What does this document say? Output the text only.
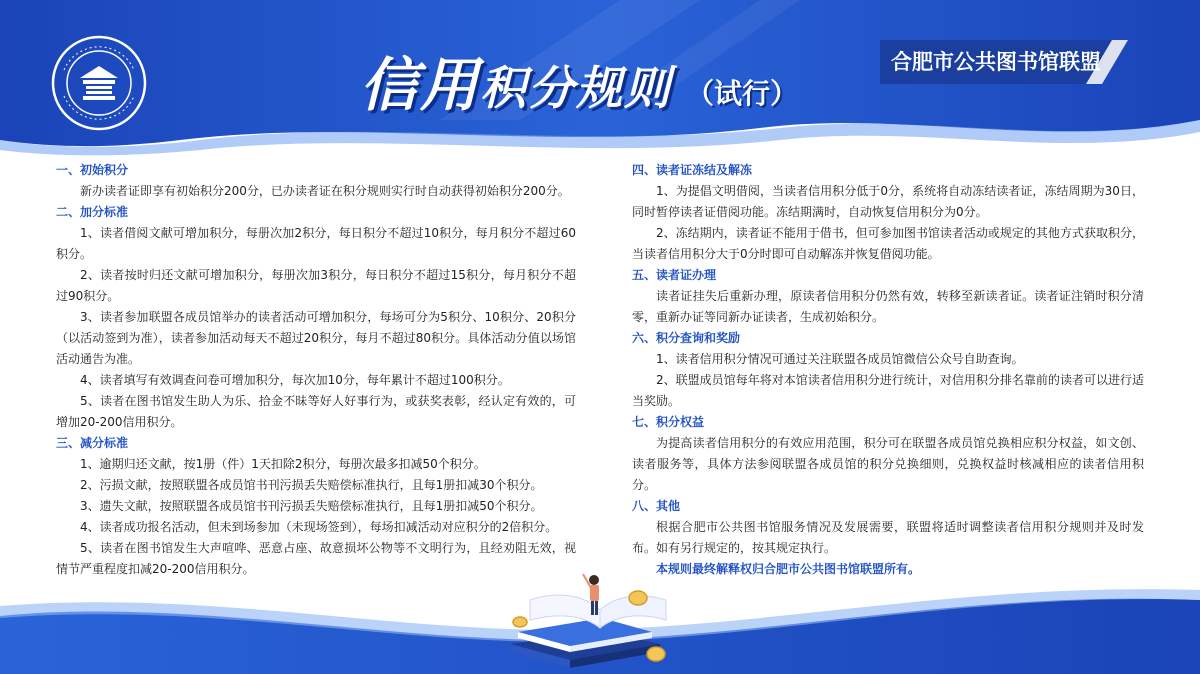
信用 积分规则 （试行）
合肥市公共图书馆联盟
一、初始积分
新办读者证即享有初始积分200分，已办读者证在积分规则实行时自动获得初始积分200分。
二、加分标准
1、读者借阅文献可增加积分，每册次加2积分，每日积分不超过10积分，每月积分不超过60积分。
2、读者按时归还文献可增加积分，每册次加3积分，每日积分不超过15积分，每月积分不超过90积分。
3、读者参加联盟各成员馆举办的读者活动可增加积分，每场可分为5积分、10积分、20积分（以活动签到为准），读者参加活动每天不超过20积分，每月不超过80积分。具体活动分值以场馆活动通告为准。
4、读者填写有效调查问卷可增加积分，每次加10分，每年累计不超过100积分。
5、读者在图书馆发生助人为乐、拾金不昧等好人好事行为，或获奖表彰，经认定有效的，可增加20-200信用积分。
三、减分标准
1、逾期归还文献，按1册（件）1天扣除2积分，每册次最多扣减50个积分。
2、污损文献，按照联盟各成员馆书刊污损丢失赔偿标准执行，且每1册扣减30个积分。
3、遗失文献，按照联盟各成员馆书刊污损丢失赔偿标准执行，且每1册扣减50个积分。
4、读者成功报名活动，但未到场参加（未现场签到），每场扣减活动对应积分的2倍积分。
5、读者在图书馆发生大声喧哗、恶意占座、故意损坏公物等不文明行为，且经劝阻无效，视情节严重程度扣减20-200信用积分。
四、读者证冻结及解冻
1、为提倡文明借阅，当读者信用积分低于0分，系统将自动冻结读者证，冻结周期为30日，同时暂停读者证借阅功能。冻结期满时，自动恢复信用积分为0分。
2、冻结期内，读者证不能用于借书，但可参加图书馆读者活动或规定的其他方式获取积分，当读者信用积分大于0分时即可自动解冻并恢复借阅功能。
五、读者证办理
读者证挂失后重新办理，原读者信用积分仍然有效，转移至新读者证。读者证注销时积分清零，重新办证等同新办证读者，生成初始积分。
六、积分查询和奖励
1、读者信用积分情况可通过关注联盟各成员馆微信公众号自助查询。
2、联盟成员馆每年将对本馆读者信用积分进行统计，对信用积分排名靠前的读者可以进行适当奖励。
七、积分权益
为提高读者信用积分的有效应用范围，积分可在联盟各成员馆兑换相应积分权益，如文创、读者服务等，具体方法参阅联盟各成员馆的积分兑换细则，兑换权益时核减相应的读者信用积分。
八、其他
根据合肥市公共图书馆服务情况及发展需要，联盟将适时调整读者信用积分规则并及时发布。如有另行规定的，按其规定执行。
本规则最终解释权归合肥市公共图书馆联盟所有。
